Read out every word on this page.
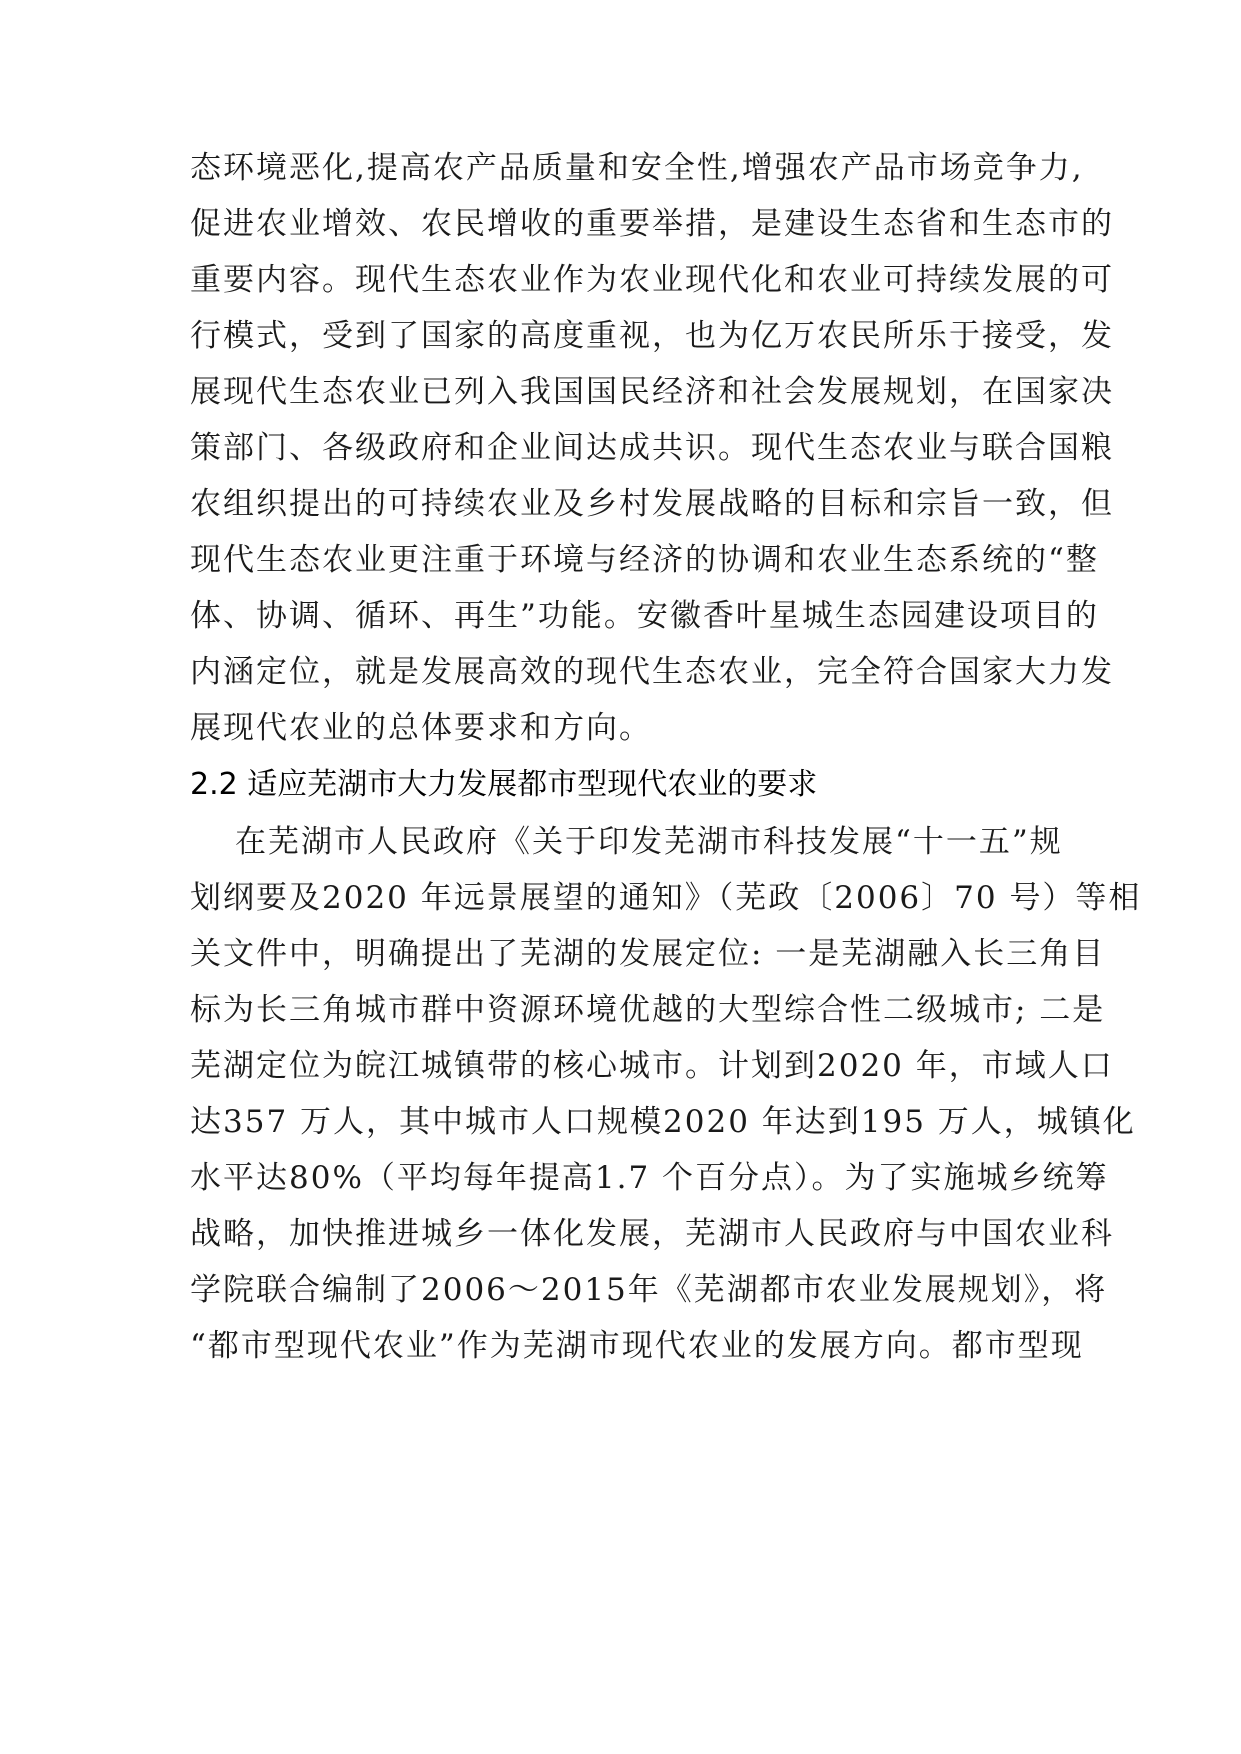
态环境恶化,提高农产品质量和安全性,增强农产品市场竞争力,
促进农业增效、农民增收的重要举措，是建设生态省和生态市的
重要内容。现代生态农业作为农业现代化和农业可持续发展的可
行模式，受到了国家的高度重视，也为亿万农民所乐于接受，发
展现代生态农业已列入我国国民经济和社会发展规划，在国家决
策部门、各级政府和企业间达成共识。现代生态农业与联合国粮
农组织提出的可持续农业及乡村发展战略的目标和宗旨一致，但
现代生态农业更注重于环境与经济的协调和农业生态系统的“整
体、协调、循环、再生”功能。安徽香叶星城生态园建设项目的
内涵定位，就是发展高效的现代生态农业，完全符合国家大力发
展现代农业的总体要求和方向。
2.2 适应芜湖市大力发展都市型现代农业的要求
在芜湖市人民政府《关于印发芜湖市科技发展“十一五”规
划纲要及2020 年远景展望的通知》（芜政〔2006〕70 号）等相
关文件中，明确提出了芜湖的发展定位: 一是芜湖融入长三角目
标为长三角城市群中资源环境优越的大型综合性二级城市; 二是
芜湖定位为皖江城镇带的核心城市。计划到2020 年，市域人口
达357 万人，其中城市人口规模2020 年达到195 万人，城镇化
水平达80%（平均每年提高1.7 个百分点）。为了实施城乡统筹
战略，加快推进城乡一体化发展，芜湖市人民政府与中国农业科
学院联合编制了2006～2015年《芜湖都市农业发展规划》，将
“都市型现代农业”作为芜湖市现代农业的发展方向。都市型现
